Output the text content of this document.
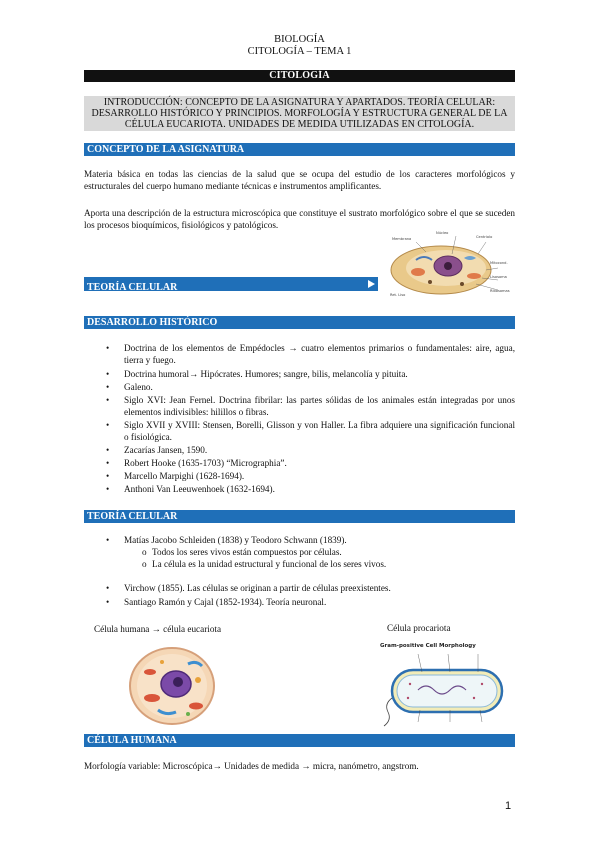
BIOLOGÍA
CITOLOGÍA – TEMA 1
CITOLOGÍA
INTRODUCCIÓN: CONCEPTO DE LA ASIGNATURA Y APARTADOS. TEORÍA CELULAR: DESARROLLO HISTÓRICO Y PRINCIPIOS. MORFOLOGÍA Y ESTRUCTURA GENERAL DE LA CÉLULA EUCARIOTA. UNIDADES DE MEDIDA UTILIZADAS EN CITOLOGÍA.
CONCEPTO DE LA ASIGNATURA
Materia básica en todas las ciencias de la salud que se ocupa del estudio de los caracteres morfológicos y estructurales del cuerpo humano mediante técnicas e instrumentos amplificantes.
Aporta una descripción de la estructura microscópica que constituye el sustrato morfológico sobre el que se suceden los procesos bioquímicos, fisiológicos y patológicos.
Membrana
Núcleo
Centriolo
Mitocond.
Lisosoma
Ribosomas
Ret. Liso
TEORÍA CELULAR
DESARROLLO HISTÓRICO
• Doctrina de los elementos de Empédocles → cuatro elementos primarios o fundamentales: aire, agua, tierra y fuego.
• Doctrina humoral→ Hipócrates. Humores; sangre, bilis, melancolía y pituita.
• Galeno.
• Siglo XVI: Jean Fernel. Doctrina fibrilar: las partes sólidas de los animales están integradas por unos elementos indivisibles: hilillos o fibras.
• Siglo XVII y XVIII: Stensen, Borelli, Glisson y von Haller. La fibra adquiere una significación funcional o fisiológica.
• Zacarías Jansen, 1590.
• Robert Hooke (1635-1703) “Micrographia”.
• Marcello Marpighi (1628-1694).
• Anthoni Van Leeuwenhoek (1632-1694).
TEORÍA CELULAR
• Matías Jacobo Schleiden (1838) y Teodoro Schwann (1839).
o Todos los seres vivos están compuestos por células.
o La célula es la unidad estructural y funcional de los seres vivos.
• Virchow (1855). Las células se originan a partir de células preexistentes.
• Santiago Ramón y Cajal (1852-1934). Teoría neuronal.
Célula humana → célula eucariota	Célula procariota
Gram-positive Cell Morphology
CÉLULA HUMANA
Morfología variable: Microscópica→ Unidades de medida → micra, nanómetro, angstrom.
1
